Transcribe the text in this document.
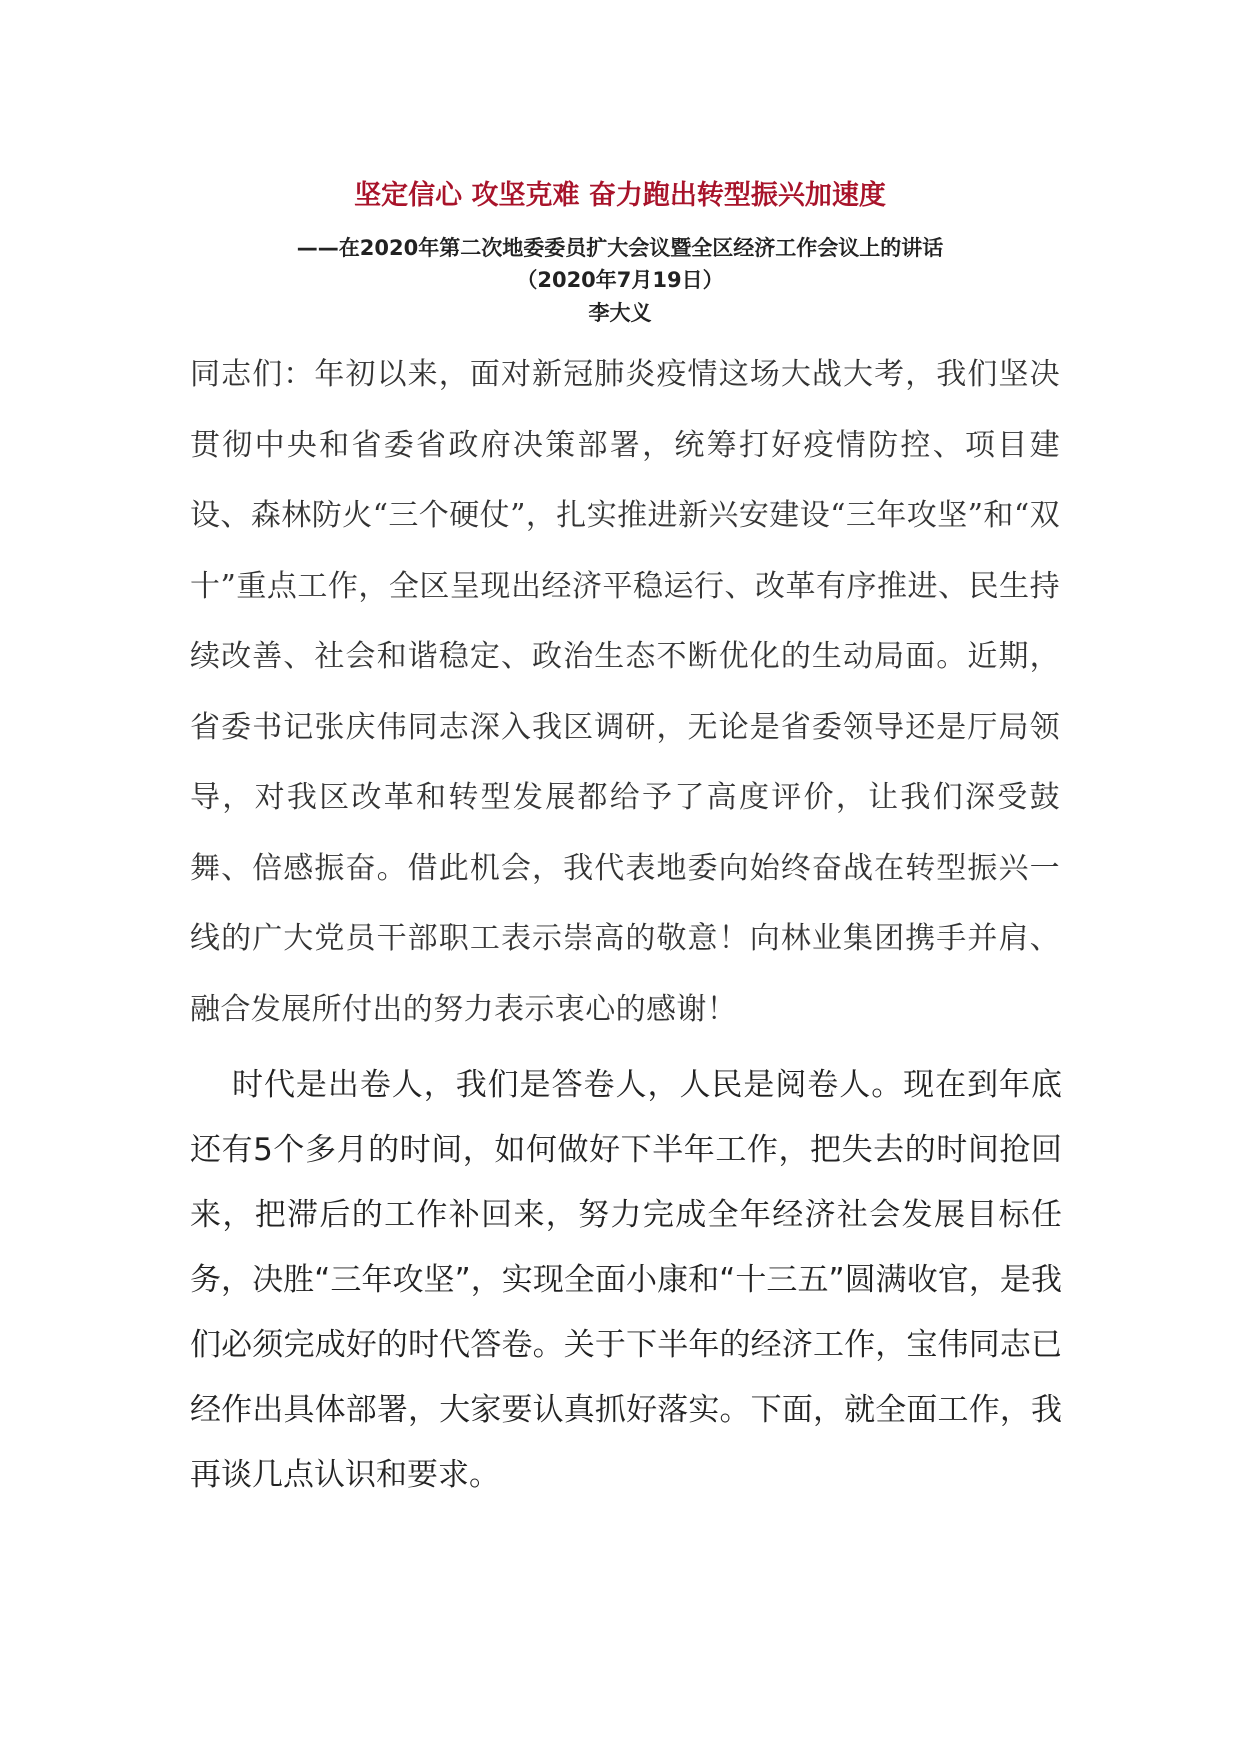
坚定信心 攻坚克难 奋力跑出转型振兴加速度
——在2020年第二次地委委员扩大会议暨全区经济工作会议上的讲话
（2020年7月19日）
李大义

同志们：年初以来，面对新冠肺炎疫情这场大战大考，我们坚决贯彻中央和省委省政府决策部署，统筹打好疫情防控、项目建设、森林防火“三个硬仗”，扎实推进新兴安建设“三年攻坚”和“双十”重点工作，全区呈现出经济平稳运行、改革有序推进、民生持续改善、社会和谐稳定、政治生态不断优化的生动局面。近期，省委书记张庆伟同志深入我区调研，无论是省委领导还是厅局领导，对我区改革和转型发展都给予了高度评价，让我们深受鼓舞、倍感振奋。借此机会，我代表地委向始终奋战在转型振兴一线的广大党员干部职工表示崇高的敬意！向林业集团携手并肩、融合发展所付出的努力表示衷心的感谢！

时代是出卷人，我们是答卷人，人民是阅卷人。现在到年底还有5个多月的时间，如何做好下半年工作，把失去的时间抢回来，把滞后的工作补回来，努力完成全年经济社会发展目标任务，决胜“三年攻坚”，实现全面小康和“十三五”圆满收官，是我们必须完成好的时代答卷。关于下半年的经济工作，宝伟同志已经作出具体部署，大家要认真抓好落实。下面，就全面工作，我再谈几点认识和要求。
